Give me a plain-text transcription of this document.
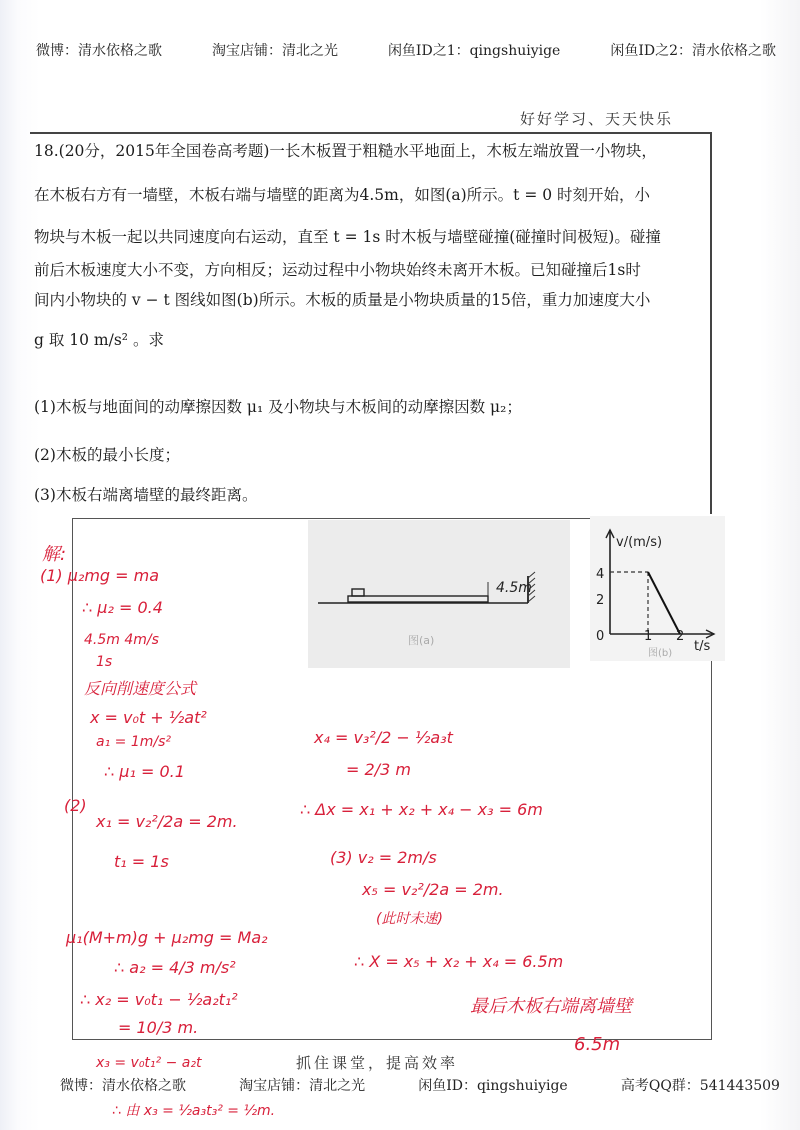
微博：清水依格之歌	淘宝店铺：清北之光	闲鱼ID之1：qingshuiyige	闲鱼ID之2：清水依格之歌
好好学习、天天快乐
18.(20分，2015年全国卷高考题)一长木板置于粗糙水平地面上，木板左端放置一小物块，
在木板右方有一墙壁，木板右端与墙壁的距离为4.5m，如图(a)所示。t = 0 时刻开始，小
物块与木板一起以共同速度向右运动，直至 t = 1s 时木板与墙壁碰撞(碰撞时间极短)。碰撞
前后木板速度大小不变，方向相反；运动过程中小物块始终未离开木板。已知碰撞后1s时
间内小物块的 v − t 图线如图(b)所示。木板的质量是小物块质量的15倍，重力加速度大小
g 取 10 m/s² 。求
(1)木板与地面间的动摩擦因数 μ₁ 及小物块与木板间的动摩擦因数 μ₂；
(2)木板的最小长度；
(3)木板右端离墙壁的最终距离。
4.5m
图(a)
v/(m/s)
4
2
0	1 2
t/s
图(b)
解:
(1) μ₂mg = ma
∴ μ₂ = 0.4
4.5m 4m/s
1s
反向削速度公式
x = v₀t + ½at²
a₁ = 1m/s²
∴ μ₁ = 0.1
(2)
x₁ = v₂²/2a = 2m.
t₁ = 1s
μ₁(M+m)g + μ₂mg = Ma₂
∴ a₂ = 4/3 m/s²
∴ x₂ = v₀t₁ − ½a₂t₁²
= 10/3 m.
x₃ = v₀t₁² − a₂t
∴ 由 x₃ = ½a₃t₃² = ½m.
x₄ = v₃²/2 − ½a₃t
= 2/3 m
∴ Δx = x₁ + x₂ + x₄ − x₃ = 6m
(3) v₂ = 2m/s
x₅ = v₂²/2a = 2m.
(此时未速)
∴ X = x₅ + x₂ + x₄ = 6.5m
最后木板右端离墙壁
6.5m
抓住课堂，提高效率
微博：清水依格之歌	淘宝店铺：清北之光	闲鱼ID：qingshuiyige	高考QQ群：541443509
